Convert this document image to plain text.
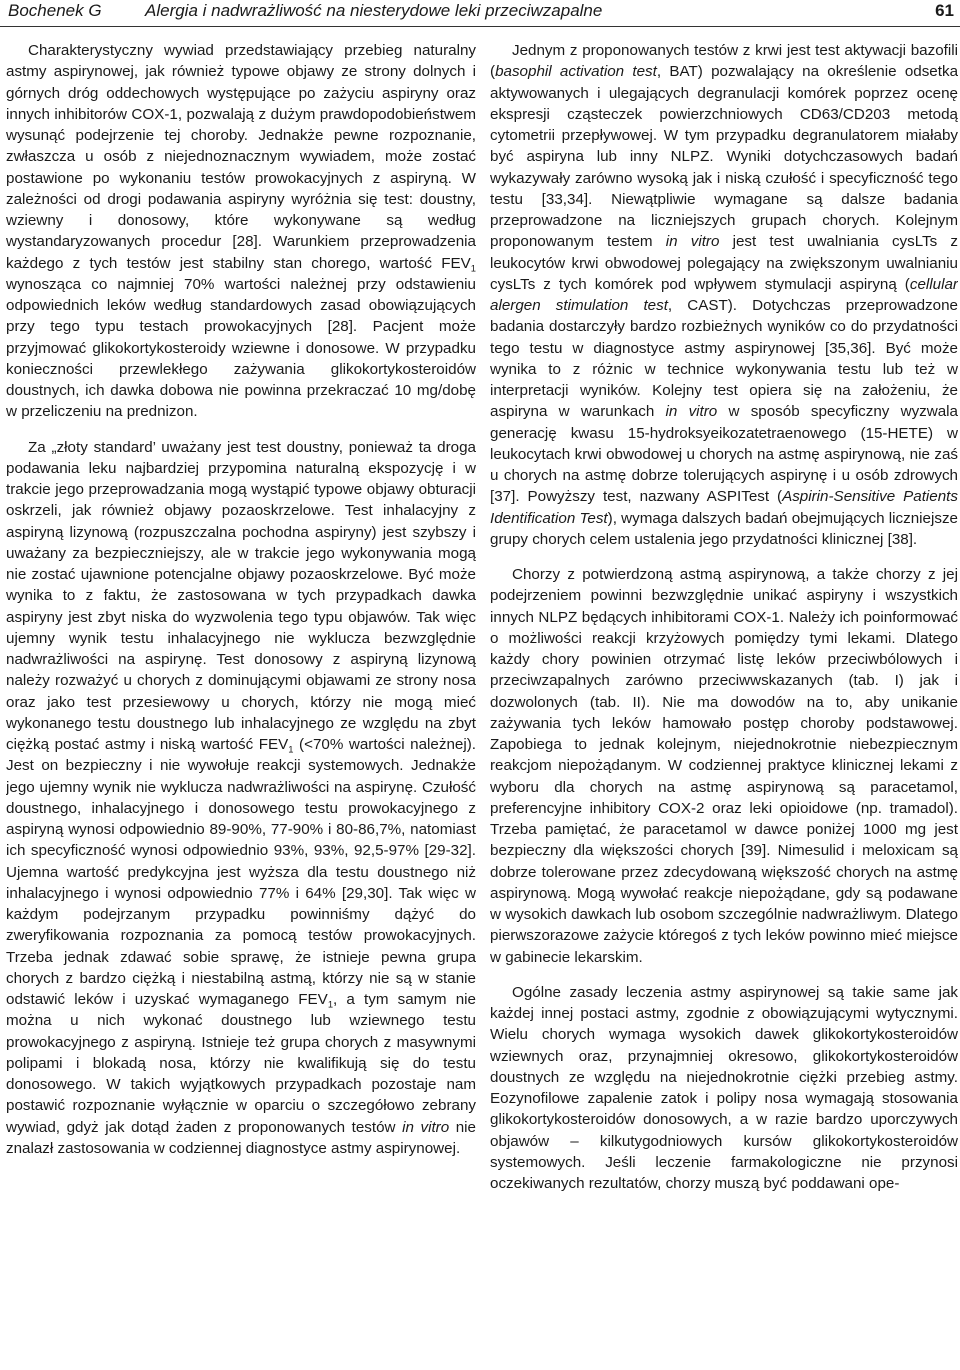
Bochenek G	Alergia i nadwrażliwość na niesterydowe leki przeciwzapalne	61

Charakterystyczny wywiad przedstawiający przebieg naturalny astmy aspirynowej, jak również typowe objawy ze strony dolnych i górnych dróg oddechowych występujące po zażyciu aspiryny oraz innych inhibitorów COX-1, pozwalają z dużym prawdopodobieństwem wysunąć podejrzenie tej choroby. Jednakże pewne rozpoznanie, zwłaszcza u osób z niejednoznacznym wywiadem, może zostać postawione po wykonaniu testów prowokacyjnych z aspiryną. W zależności od drogi podawania aspiryny wyróżnia się test: doustny, wziewny i donosowy, które wykonywane są według wystandaryzowanych procedur [28]. Warunkiem przeprowadzenia każdego z tych testów jest stabilny stan chorego, wartość $FEV_1$ wynosząca co najmniej 70% wartości należnej przy odstawieniu odpowiednich leków według standardowych zasad obowiązujących przy tego typu testach prowokacyjnych [28]. Pacjent może przyjmować glikokortykosteroidy wziewne i donosowe. W przypadku konieczności przewlekłego zażywania glikokortykosteroidów doustnych, ich dawka dobowa nie powinna przekraczać 10 mg/dobę w przeliczeniu na prednizon.

Za „złoty standard’ uważany jest test doustny, ponieważ ta droga podawania leku najbardziej przypomina naturalną ekspozycję i w trakcie jego przeprowadzania mogą wystąpić typowe objawy obturacji oskrzeli, jak również objawy pozaoskrzelowe. Test inhalacyjny z aspiryną lizynową (rozpuszczalna pochodna aspiryny) jest szybszy i uważany za bezpieczniejszy, ale w trakcie jego wykonywania mogą nie zostać ujawnione potencjalne objawy pozaoskrzelowe. Być może wynika to z faktu, że zastosowana w tych przypadkach dawka aspiryny jest zbyt niska do wyzwolenia tego typu objawów. Tak więc ujemny wynik testu inhalacyjnego nie wyklucza bezwzględnie nadwrażliwości na aspirynę. Test donosowy z aspiryną lizynową należy rozważyć u chorych z dominującymi objawami ze strony nosa oraz jako test przesiewowy u chorych, którzy nie mogą mieć wykonanego testu doustnego lub inhalacyjnego ze względu na zbyt ciężką postać astmy i niską wartość $FEV_1$ (<70% wartości należnej). Jest on bezpieczny i nie wywołuje reakcji systemowych. Jednakże jego ujemny wynik nie wyklucza nadwrażliwości na aspirynę. Czułość doustnego, inhalacyjnego i donosowego testu prowokacyjnego z aspiryną wynosi odpowiednio 89-90%, 77-90% i 80-86,7%, natomiast ich specyficzność wynosi odpowiednio 93%, 93%, 92,5-97% [29-32]. Ujemna wartość predykcyjna jest wyższa dla testu doustnego niż inhalacyjnego i wynosi odpowiednio 77% i 64% [29,30]. Tak więc w każdym podejrzanym przypadku powinniśmy dążyć do zweryfikowania rozpoznania za pomocą testów prowokacyjnych. Trzeba jednak zdawać sobie sprawę, że istnieje pewna grupa chorych z bardzo ciężką i niestabilną astmą, którzy nie są w stanie odstawić leków i uzyskać wymaganego $FEV_1$, a tym samym nie można u nich wykonać doustnego lub wziewnego testu prowokacyjnego z aspiryną. Istnieje też grupa chorych z masywnymi polipami i blokadą nosa, którzy nie kwalifikują się do testu donosowego. W takich wyjątkowych przypadkach pozostaje nam postawić rozpoznanie wyłącznie w oparciu o szczegółowo zebrany wywiad, gdyż jak dotąd żaden z proponowanych testów in vitro nie znalazł zastosowania w codziennej diagnostyce astmy aspirynowej.

Jednym z proponowanych testów z krwi jest test aktywacji bazofili (basophil activation test, BAT) pozwalający na określenie odsetka aktywowanych i ulegających degranulacji komórek poprzez ocenę ekspresji cząsteczek powierzchniowych CD63/CD203 metodą cytometrii przepływowej. W tym przypadku degranulatorem miałaby być aspiryna lub inny NLPZ. Wyniki dotychczasowych badań wykazywały zarówno wysoką jak i niską czułość i specyficzność tego testu [33,34]. Niewątpliwie wymagane są dalsze badania przeprowadzone na liczniejszych grupach chorych. Kolejnym proponowanym testem in vitro jest test uwalniania cysLTs z leukocytów krwi obwodowej polegający na zwiększonym uwalnianiu cysLTs z tych komórek pod wpływem stymulacji aspiryną (cellular alergen stimulation test, CAST). Dotychczas przeprowadzone badania dostarczyły bardzo rozbieżnych wyników co do przydatności tego testu w diagnostyce astmy aspirynowej [35,36]. Być może wynika to z różnic w technice wykonywania testu lub też w interpretacji wyników. Kolejny test opiera się na założeniu, że aspiryna w warunkach in vitro w sposób specyficzny wyzwala generację kwasu 15-hydroksyeikozatetraenowego (15-HETE) w leukocytach krwi obwodowej u chorych na astmę aspirynową, nie zaś u chorych na astmę dobrze tolerujących aspirynę i u osób zdrowych [37]. Powyższy test, nazwany ASPITest (Aspirin-Sensitive Patients Identification Test), wymaga dalszych badań obejmujących liczniejsze grupy chorych celem ustalenia jego przydatności klinicznej [38].

Chorzy z potwierdzoną astmą aspirynową, a także chorzy z jej podejrzeniem powinni bezwzględnie unikać aspiryny i wszystkich innych NLPZ będących inhibitorami COX-1. Należy ich poinformować o możliwości reakcji krzyżowych pomiędzy tymi lekami. Dlatego każdy chory powinien otrzymać listę leków przeciwbólowych i przeciwzapalnych zarówno przeciwwskazanych (tab. I) jak i dozwolonych (tab. II). Nie ma dowodów na to, aby unikanie zażywania tych leków hamowało postęp choroby podstawowej. Zapobiega to jednak kolejnym, niejednokrotnie niebezpiecznym reakcjom niepożądanym. W codziennej praktyce klinicznej lekami z wyboru dla chorych na astmę aspirynową są paracetamol, preferencyjne inhibitory COX-2 oraz leki opioidowe (np. tramadol). Trzeba pamiętać, że paracetamol w dawce poniżej 1000 mg jest bezpieczny dla większości chorych [39]. Nimesulid i meloxicam są dobrze tolerowane przez zdecydowaną większość chorych na astmę aspirynową. Mogą wywołać reakcje niepożądane, gdy są podawane w wysokich dawkach lub osobom szczególnie nadwrażliwym. Dlatego pierwszorazowe zażycie któregoś z tych leków powinno mieć miejsce w gabinecie lekarskim.

Ogólne zasady leczenia astmy aspirynowej są takie same jak każdej innej postaci astmy, zgodnie z obowiązującymi wytycznymi. Wielu chorych wymaga wysokich dawek glikokortykosteroidów wziewnych oraz, przynajmniej okresowo, glikokortykosteroidów doustnych ze względu na niejednokrotnie ciężki przebieg astmy. Eozynofilowe zapalenie zatok i polipy nosa wymagają stosowania glikokortykosteroidów donosowych, a w razie bardzo uporczywych objawów – kilkutygodniowych kursów glikokortykosteroidów systemowych. Jeśli leczenie farmakologiczne nie przynosi oczekiwanych rezultatów, chorzy muszą być poddawani ope-
